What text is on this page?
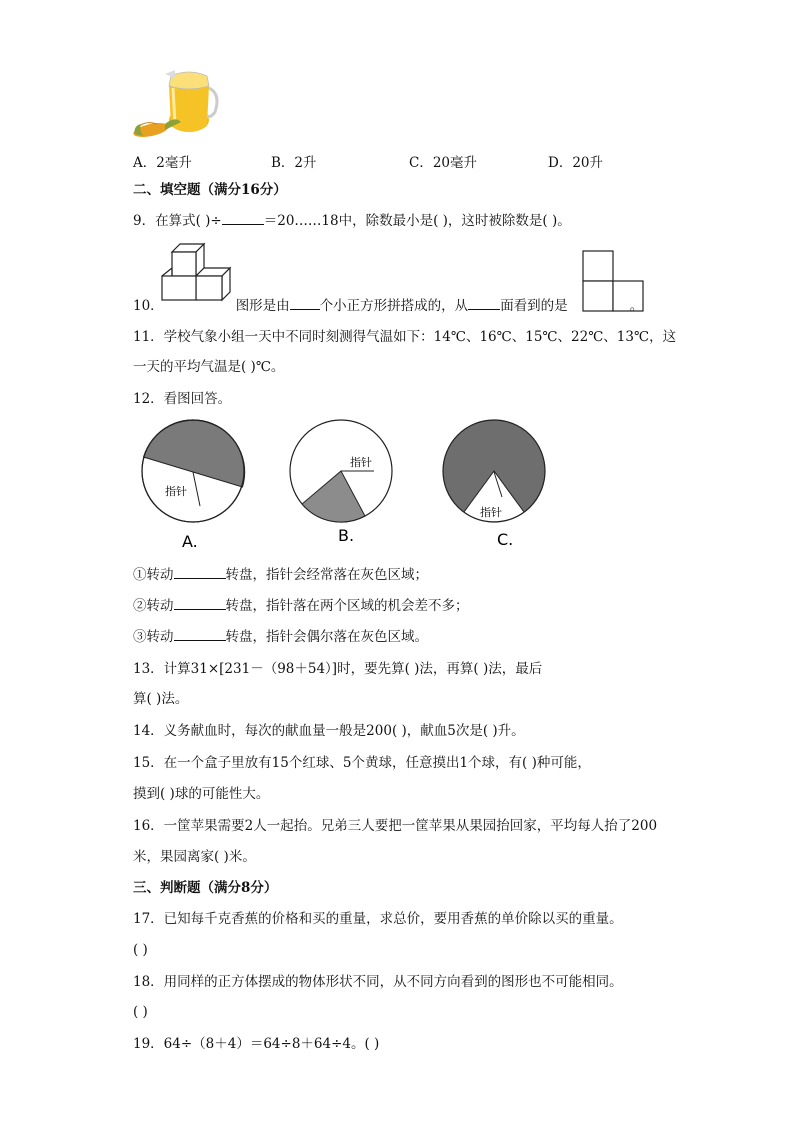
A．2毫升	B．2升	C．20毫升	D．20升
二、填空题（满分16分）
9．在算式( )÷	＝20……18中，除数最小是( )，这时被除数是( )。
10．	图形是由 个小正方形拼搭成的，从 面看到的是	。
11．学校气象小组一天中不同时刻测得气温如下：14℃、16℃、15℃、22℃、13℃，这
一天的平均气温是( )℃。
12．看图回答。
指针
指针
指针
A.	B.	C.
①转动	转盘，指针会经常落在灰色区域；
②转动	转盘，指针落在两个区域的机会差不多；
③转动	转盘，指针会偶尔落在灰色区域。
13．计算31×[231－（98＋54）]时，要先算( )法，再算( )法，最后
算( )法。
14．义务献血时，每次的献血量一般是200( )，献血5次是( )升。
15．在一个盒子里放有15个红球、5个黄球，任意摸出1个球，有( )种可能，
摸到( )球的可能性大。
16．一筐苹果需要2人一起抬。兄弟三人要把一筐苹果从果园抬回家，平均每人抬了200
米，果园离家( )米。
三、判断题（满分8分）
17．已知每千克香蕉的价格和买的重量，求总价，要用香蕉的单价除以买的重量。
( )
18．用同样的正方体摆成的物体形状不同，从不同方向看到的图形也不可能相同。
( )
19．64÷（8＋4）＝64÷8＋64÷4。( )
